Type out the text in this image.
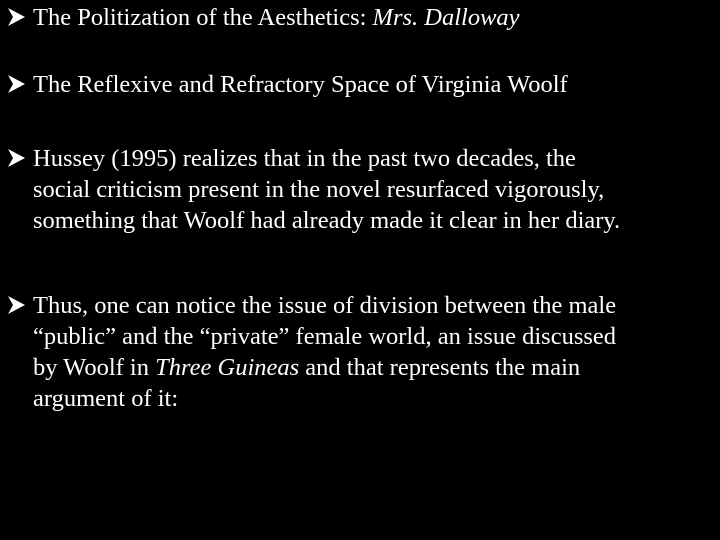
The Politization of the Aesthetics: Mrs. Dalloway
The Reflexive and Refractory Space of Virginia Woolf
Hussey (1995) realizes that in the past two decades, the
social criticism present in the novel resurfaced vigorously,
something that Woolf had already made it clear in her diary.
Thus, one can notice the issue of division between the male
“public” and the “private” female world, an issue discussed
by Woolf in Three Guineas and that represents the main
argument of it:
